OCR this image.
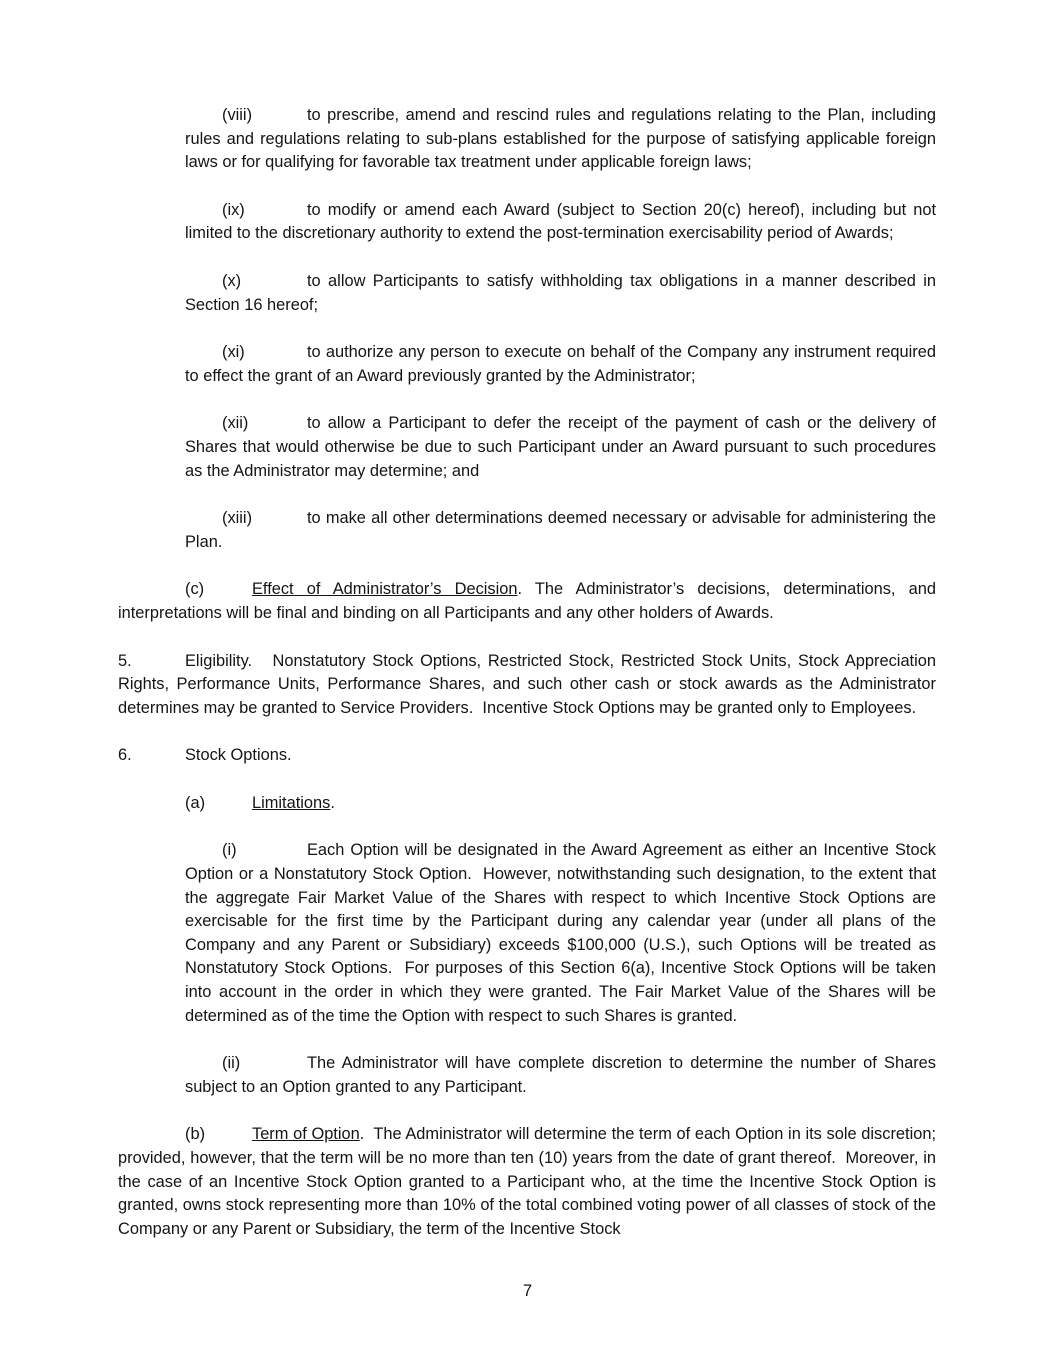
(viii)	to prescribe, amend and rescind rules and regulations relating to the Plan, including rules and regulations relating to sub-plans established for the purpose of satisfying applicable foreign laws or for qualifying for favorable tax treatment under applicable foreign laws;

(ix)	to modify or amend each Award (subject to Section 20(c) hereof), including but not limited to the discretionary authority to extend the post-termination exercisability period of Awards;

(x)	to allow Participants to satisfy withholding tax obligations in a manner described in Section 16 hereof;

(xi)	to authorize any person to execute on behalf of the Company any instrument required to effect the grant of an Award previously granted by the Administrator;

(xii)	to allow a Participant to defer the receipt of the payment of cash or the delivery of Shares that would otherwise be due to such Participant under an Award pursuant to such procedures as the Administrator may determine; and

(xiii)	to make all other determinations deemed necessary or advisable for administering the Plan.

(c)	Effect of Administrator’s Decision. The Administrator’s decisions, determinations, and interpretations will be final and binding on all Participants and any other holders of Awards.

5.	Eligibility.   Nonstatutory Stock Options, Restricted Stock, Restricted Stock Units, Stock Appreciation Rights, Performance Units, Performance Shares, and such other cash or stock awards as the Administrator determines may be granted to Service Providers.  Incentive Stock Options may be granted only to Employees.

6.	Stock Options.

(a)	Limitations.

(i)	Each Option will be designated in the Award Agreement as either an Incentive Stock Option or a Nonstatutory Stock Option.  However, notwithstanding such designation, to the extent that the aggregate Fair Market Value of the Shares with respect to which Incentive Stock Options are exercisable for the first time by the Participant during any calendar year (under all plans of the Company and any Parent or Subsidiary) exceeds $100,000 (U.S.), such Options will be treated as Nonstatutory Stock Options.  For purposes of this Section 6(a), Incentive Stock Options will be taken into account in the order in which they were granted. The Fair Market Value of the Shares will be determined as of the time the Option with respect to such Shares is granted.

(ii)	The Administrator will have complete discretion to determine the number of Shares subject to an Option granted to any Participant.

(b)	Term of Option.  The Administrator will determine the term of each Option in its sole discretion; provided, however, that the term will be no more than ten (10) years from the date of grant thereof.  Moreover, in the case of an Incentive Stock Option granted to a Participant who, at the time the Incentive Stock Option is granted, owns stock representing more than 10% of the total combined voting power of all classes of stock of the Company or any Parent or Subsidiary, the term of the Incentive Stock

7
